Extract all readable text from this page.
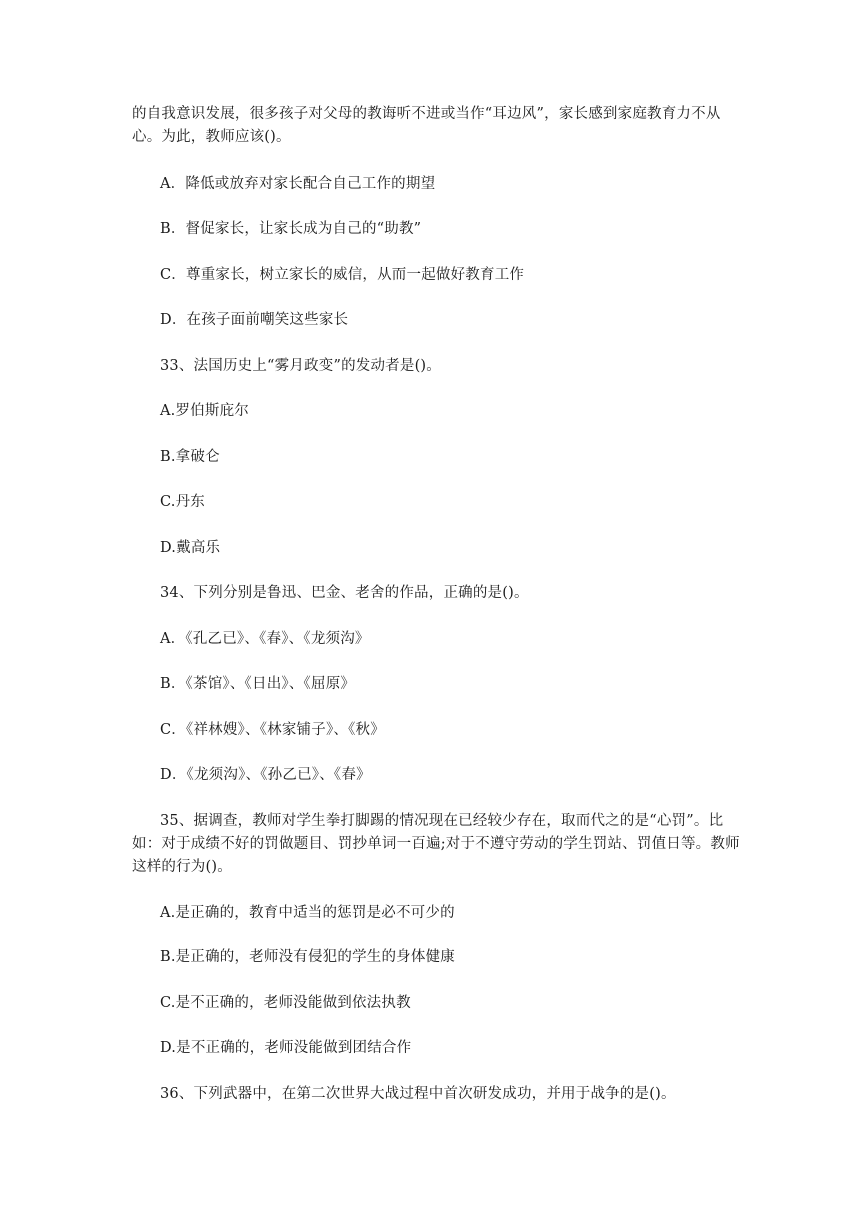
的自我意识发展，很多孩子对父母的教诲听不进或当作“耳边风”，家长感到家庭教育力不从心。为此，教师应该()。
A．降低或放弃对家长配合自己工作的期望
B．督促家长，让家长成为自己的“助教”
C．尊重家长，树立家长的威信，从而一起做好教育工作
D．在孩子面前嘲笑这些家长
33、法国历史上“雾月政变”的发动者是()。
A.罗伯斯庇尔
B.拿破仑
C.丹东
D.戴高乐
34、下列分别是鲁迅、巴金、老舍的作品，正确的是()。
A．《孔乙已》、《春》、《龙须沟》
B．《茶馆》、《日出》、《屈原》
C．《祥林嫂》、《林家铺子》、《秋》
D．《龙须沟》、《孙乙已》、《春》
35、据调查，教师对学生拳打脚踢的情况现在已经较少存在，取而代之的是“心罚”。比如：对于成绩不好的罚做题目、罚抄单词一百遍;对于不遵守劳动的学生罚站、罚值日等。教师这样的行为()。
A.是正确的，教育中适当的惩罚是必不可少的
B.是正确的，老师没有侵犯的学生的身体健康
C.是不正确的，老师没能做到依法执教
D.是不正确的，老师没能做到团结合作
36、下列武器中，在第二次世界大战过程中首次研发成功，并用于战争的是()。
